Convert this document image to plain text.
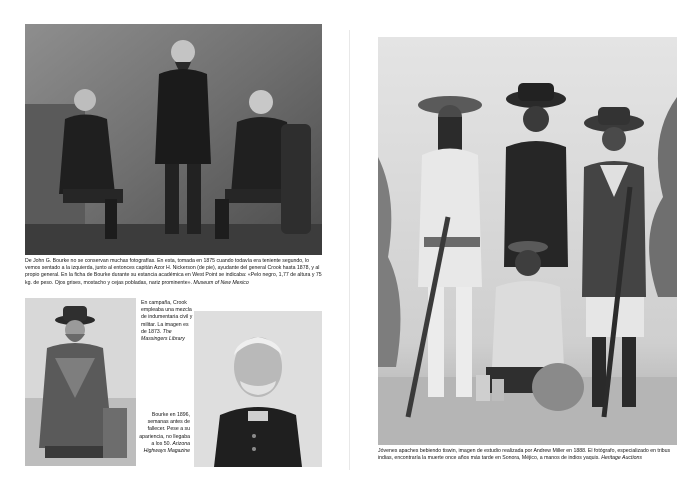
De John G. Bourke no se conservan muchas fotografías. En esta, tomada en 1875 cuando todavía era teniente segundo, lo vemos sentado a la izquierda, junto al entonces capitán Azor H. Nickerson (de pie), ayudante del general Crook hasta 1878, y al propio general. En la ficha de Bourke durante su estancia académica en West Point se indicaba: «Pelo negro, 1,77 de altura y 75 kg. de peso. Ojos grises, mostacho y cejas pobladas, nariz prominente». Museum of New Mexico
En campaña, Crook empleaba una mezcla de indumentaria civil y militar. La imagen es de 1873. The Massingers Library
Bourke en 1896, semanas antes de fallecer. Pese a su apariencia, no llegaba a los 50. Arizona Highways Magazine	Jóvenes apaches bebiendo tiswin, imagen de estudio realizada por Andrew Miller en 1888. El fotógrafo, especializado en tribus indias, encontraría la muerte once años más tarde en Sonora, Méjico, a manos de indios yaquis. Heritage Auctions
